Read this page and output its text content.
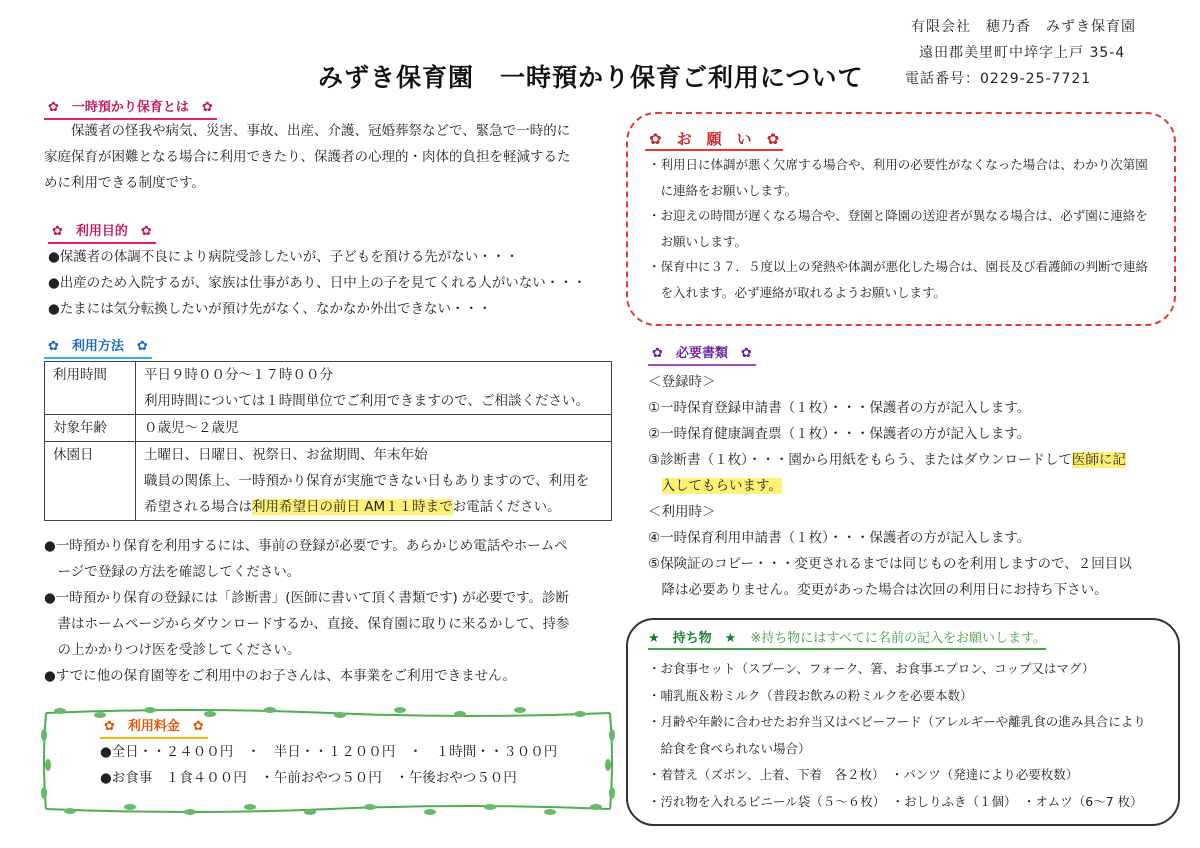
みずき保育園　一時預かり保育ご利用について
有限会社　穂乃香　みずき保育園
遠田郡美里町中埣字上戸 35-4
電話番号：0229-25-7721
✿　一時預かり保育とは　✿
　　保護者の怪我や病気、災害、事故、出産、介護、冠婚葬祭などで、緊急で一時的に
家庭保育が困難となる場合に利用できたり、保護者の心理的・肉体的負担を軽減するた
めに利用できる制度です。
✿　利用目的　✿
●保護者の体調不良により病院受診したいが、子どもを預ける先がない・・・
●出産のため入院するが、家族は仕事があり、日中上の子を見てくれる人がいない・・・
●たまには気分転換したいが預け先がなく、なかなか外出できない・・・
✿　利用方法　✿
利用時間	平日９時００分～１７時００分
利用時間については１時間単位でご利用できますので、ご相談ください。

対象年齢	０歳児～２歳児

休園日	土曜日、日曜日、祝祭日、お盆期間、年末年始
職員の関係上、一時預かり保育が実施できない日もありますので、利用を
希望される場合は利用希望日の前日 AM１１時までお電話ください。
●一時預かり保育を利用するには、事前の登録が必要です。あらかじめ電話やホームペ
　ージで登録の方法を確認してください。
●一時預かり保育の登録には「診断書」(医師に書いて頂く書類です) が必要です。診断
　書はホームページからダウンロードするか、直接、保育園に取りに来るかして、持参
　の上かかりつけ医を受診してください。
●すでに他の保育園等をご利用中のお子さんは、本事業をご利用できません。
✿　利用料金　✿
●全日・・２４００円　・　半日・・１２００円　・　１時間・・３００円
●お食事　１食４００円　・午前おやつ５０円　・午後おやつ５０円
✿　お　願　い　✿
・利用日に体調が悪く欠席する場合や、利用の必要性がなくなった場合は、わかり次第園
　に連絡をお願いします。
・お迎えの時間が遅くなる場合や、登園と降園の送迎者が異なる場合は、必ず園に連絡を
　お願いします。
・保育中に３７．５度以上の発熱や体調が悪化した場合は、園長及び看護師の判断で連絡
　を入れます。必ず連絡が取れるようお願いします。
✿　必要書類　✿
＜登録時＞
①一時保育登録申請書（１枚）・・・保護者の方が記入します。
②一時保育健康調査票（１枚）・・・保護者の方が記入します。
③診断書（１枚）・・・園から用紙をもらう、またはダウンロードして医師に記
　入してもらいます。
＜利用時＞
④一時保育利用申請書（１枚）・・・保護者の方が記入します。
⑤保険証のコピー・・・変更されるまでは同じものを利用しますので、２回目以
　降は必要ありません。変更があった場合は次回の利用日にお持ち下さい。
★　持ち物　★ ※持ち物にはすべてに名前の記入をお願いします。
・お食事セット（スプーン、フォーク、箸、お食事エプロン、コップ又はマグ）
・哺乳瓶＆粉ミルク（普段お飲みの粉ミルクを必要本数）
・月齢や年齢に合わせたお弁当又はベビーフード（アレルギーや離乳食の進み具合により
　給食を食べられない場合）
・着替え（ズボン、上着、下着　各２枚）　・パンツ（発達により必要枚数）
・汚れ物を入れるビニール袋（５～６枚）　・おしりふき（１個）　・オムツ（6～7 枚）
